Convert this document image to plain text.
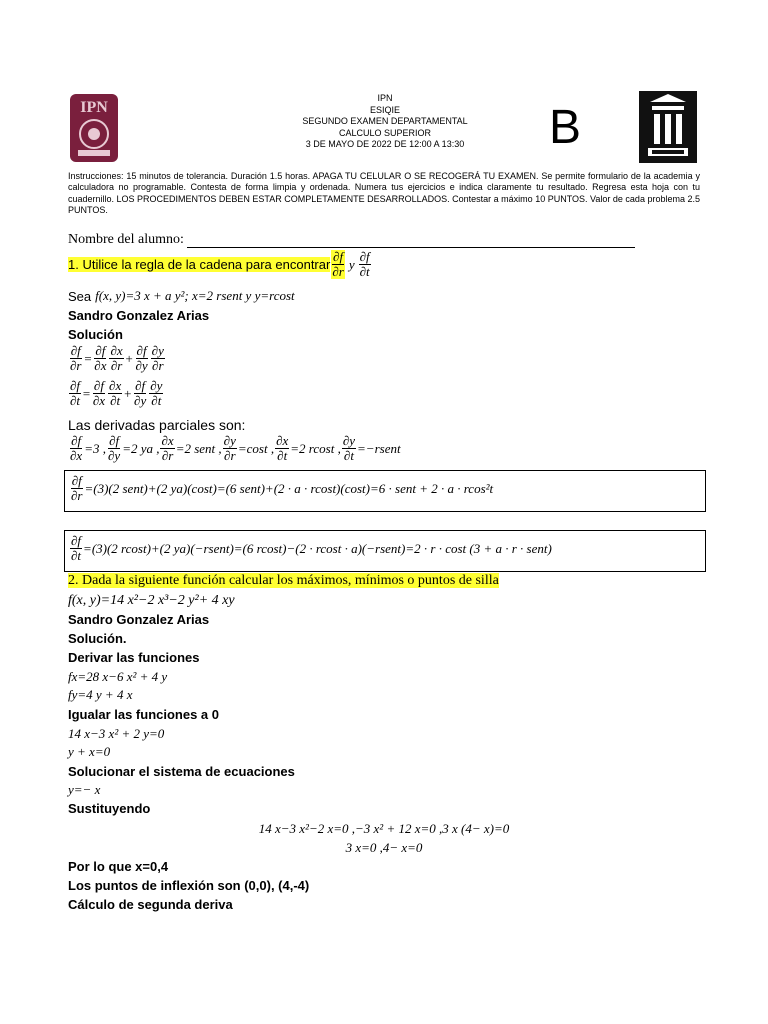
IPN
IPN
ESIQIE
SEGUNDO EXAMEN DEPARTAMENTAL
CALCULO SUPERIOR
3 DE MAYO DE 2022 DE 12:00 A 13:30	B
Instrucciones: 15 minutos de tolerancia. Duración 1.5 horas. APAGA TU CELULAR O SE RECOGERÁ TU EXAMEN. Se permite formulario de la academia y calculadora no programable. Contesta de forma limpia y ordenada. Numera tus ejercicios e indica claramente tu resultado. Regresa esta hoja con tu cuadernillo. LOS PROCEDIMENTOS DEBEN ESTAR COMPLETAMENTE DESARROLLADOS. Contestar a máximo 10 PUNTOS. Valor de cada problema 2.5 PUNTOS.
Nombre del alumno:
1. Utilice la regla de la cadena para encontrar $\frac{\partial f}{\partial r}$ y $\frac{\partial f}{\partial t}$
Sea f(x, y)=3 x + a y²; x=2 rsent y y=rcost
Sandro Gonzalez Arias
Solución
$\frac{\partial f}{\partial r} = \frac{\partial f}{\partial x} \frac{\partial x}{\partial r} + \frac{\partial f}{\partial y} \frac{\partial y}{\partial r}$
$\frac{\partial f}{\partial t} = \frac{\partial f}{\partial x} \frac{\partial x}{\partial t} + \frac{\partial f}{\partial y} \frac{\partial y}{\partial t}$
Las derivadas parciales son:
$\frac{\partial f}{\partial x} =3$ , $\frac{\partial f}{\partial y} =2$ ya , $\frac{\partial x}{\partial r} =2$ sent , $\frac{\partial y}{\partial r} =\cos t$ , $\frac{\partial x}{\partial t} =2$ rcost , $\frac{\partial y}{\partial t}$ =−rsent
$\frac{\partial f}{\partial r} =(3)(2$ sent)+(2 ya)(cost)=(6 sent)+(2 · a · rcost)(cost)=6 · sent + 2 · a · rcos²t
$\frac{\partial f}{\partial t} =(3)(2$ rcost)+(2 ya)(−rsent)=(6 rcost)−(2 · rcost · a)(−rsent)=2 · r · cost (3 + a · r · sent)
2. Dada la siguiente función calcular los máximos, mínimos o puntos de silla
f(x, y)=14 x²−2 x³−2 y²+ 4 xy
Sandro Gonzalez Arias
Solución.
Derivar las funciones
fx=28 x−6 x² + 4 y
fy=4 y + 4 x
Igualar las funciones a 0
14 x−3 x² + 2 y=0
y + x=0
Solucionar el sistema de ecuaciones
y=− x
Sustituyendo
14 x−3 x²−2 x=0 ,−3 x² + 12 x=0 ,3 x (4− x)=0
3 x=0 ,4− x=0
Por lo que x=0,4
Los puntos de inflexión son (0,0), (4,-4)
Cálculo de segunda deriva
